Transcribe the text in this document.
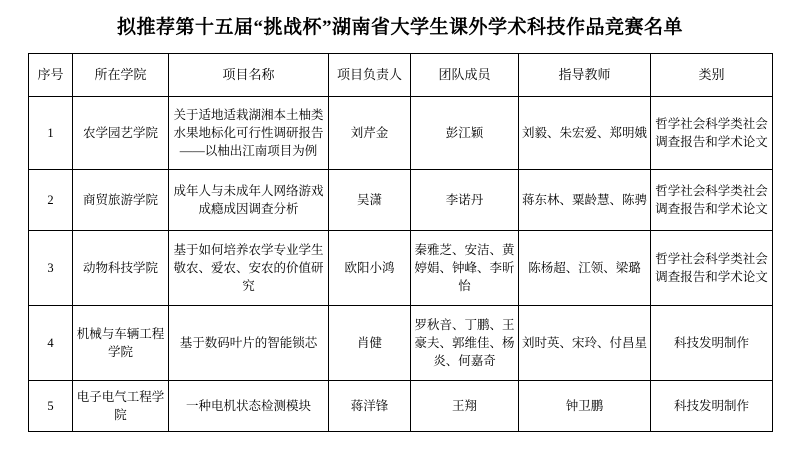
拟推荐第十五届“挑战杯”湖南省大学生课外学术科技作品竞赛名单
序号	所在学院	项目名称	项目负责人	团队成员	指导教师	类别
1	农学园艺学院	关于适地适栽湖湘本土柚类水果地标化可行性调研报告——以柚出江南项目为例	刘芹金	彭江颖	刘毅、朱宏爱、郑明娥	哲学社会科学类社会调查报告和学术论文
2	商贸旅游学院	成年人与未成年人网络游戏成瘾成因调查分析	吴潇	李诺丹	蒋东林、粟龄慧、陈骋	哲学社会科学类社会调查报告和学术论文
3	动物科技学院	基于如何培养农学专业学生敬农、爱农、安农的价值研究	欧阳小鸿	秦雅芝、安洁、黄婷娟、钟峰、李昕怡	陈杨超、江领、梁璐	哲学社会科学类社会调查报告和学术论文
4	机械与车辆工程学院	基于数码叶片的智能锁芯	肖健	罗秋音、丁鹏、王豪夫、郭维佳、杨炎、何嘉奇	刘时英、宋玲、付昌星	科技发明制作
5	电子电气工程学院	一种电机状态检测模块	蒋洋锋	王翔	钟卫鹏	科技发明制作
